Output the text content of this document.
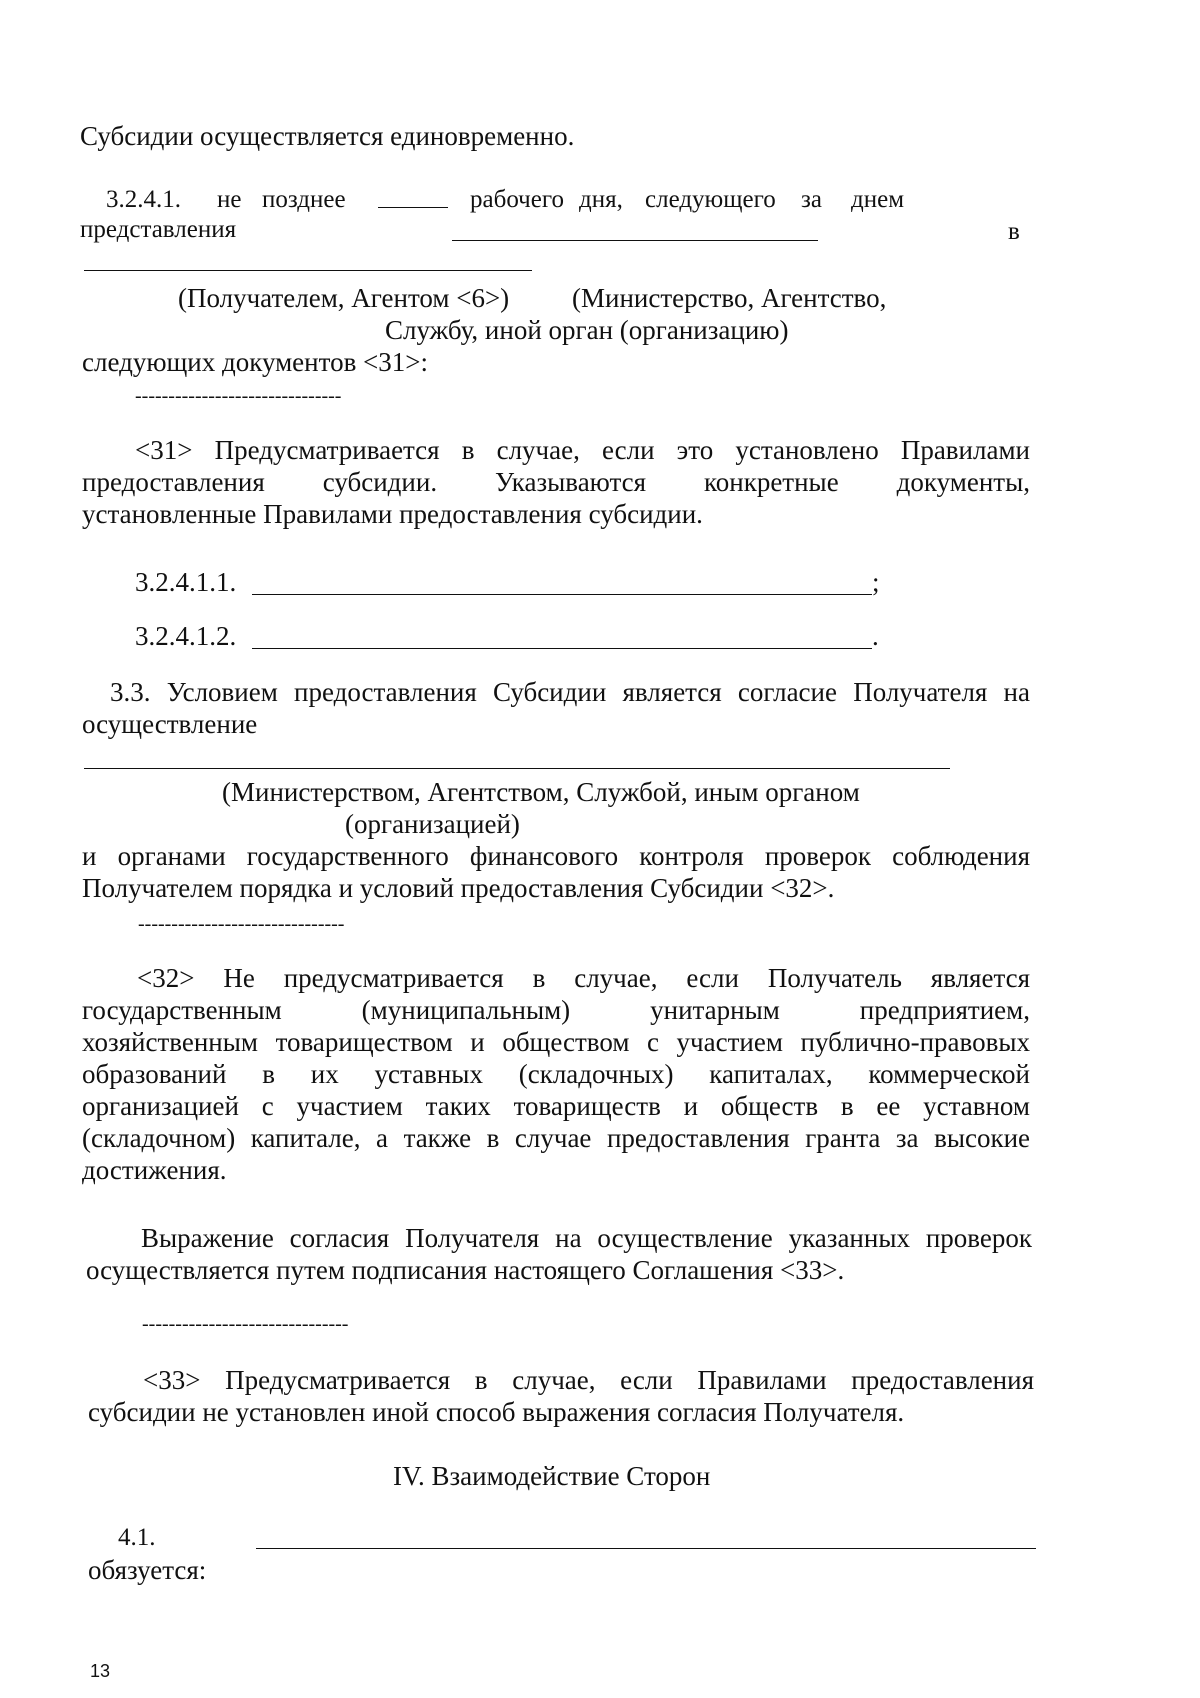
Субсидии осуществляется единовременно.
3.2.4.1. не позднее	рабочего дня, следующего за днем
представления	в
(Получателем, Агентом <6>) (Министерство, Агентство,
Службу, иной орган (организацию)
следующих документов <31>:
-------------------------------
<31> Предусматривается в случае, если это установлено Правилами
предоставления субсидии. Указываются конкретные документы,
установленные Правилами предоставления субсидии.
3.2.4.1.1.	;
3.2.4.1.2.	.
3.3. Условием предоставления Субсидии является согласие Получателя на
осуществление
(Министерством, Агентством, Службой, иным органом
(организацией)
и органами государственного финансового контроля проверок соблюдения
Получателем порядка и условий предоставления Субсидии <32>.
-------------------------------
<32> Не предусматривается в случае, если Получатель является
государственным (муниципальным) унитарным предприятием,
хозяйственным товариществом и обществом с участием публично-правовых
образований в их уставных (складочных) капиталах, коммерческой
организацией с участием таких товариществ и обществ в ее уставном
(складочном) капитале, а также в случае предоставления гранта за высокие
достижения.
Выражение согласия Получателя на осуществление указанных проверок
осуществляется путем подписания настоящего Соглашения <33>.
-------------------------------
<33> Предусматривается в случае, если Правилами предоставления
субсидии не установлен иной способ выражения согласия Получателя.
IV. Взаимодействие Сторон
4.1.
обязуется:
13
